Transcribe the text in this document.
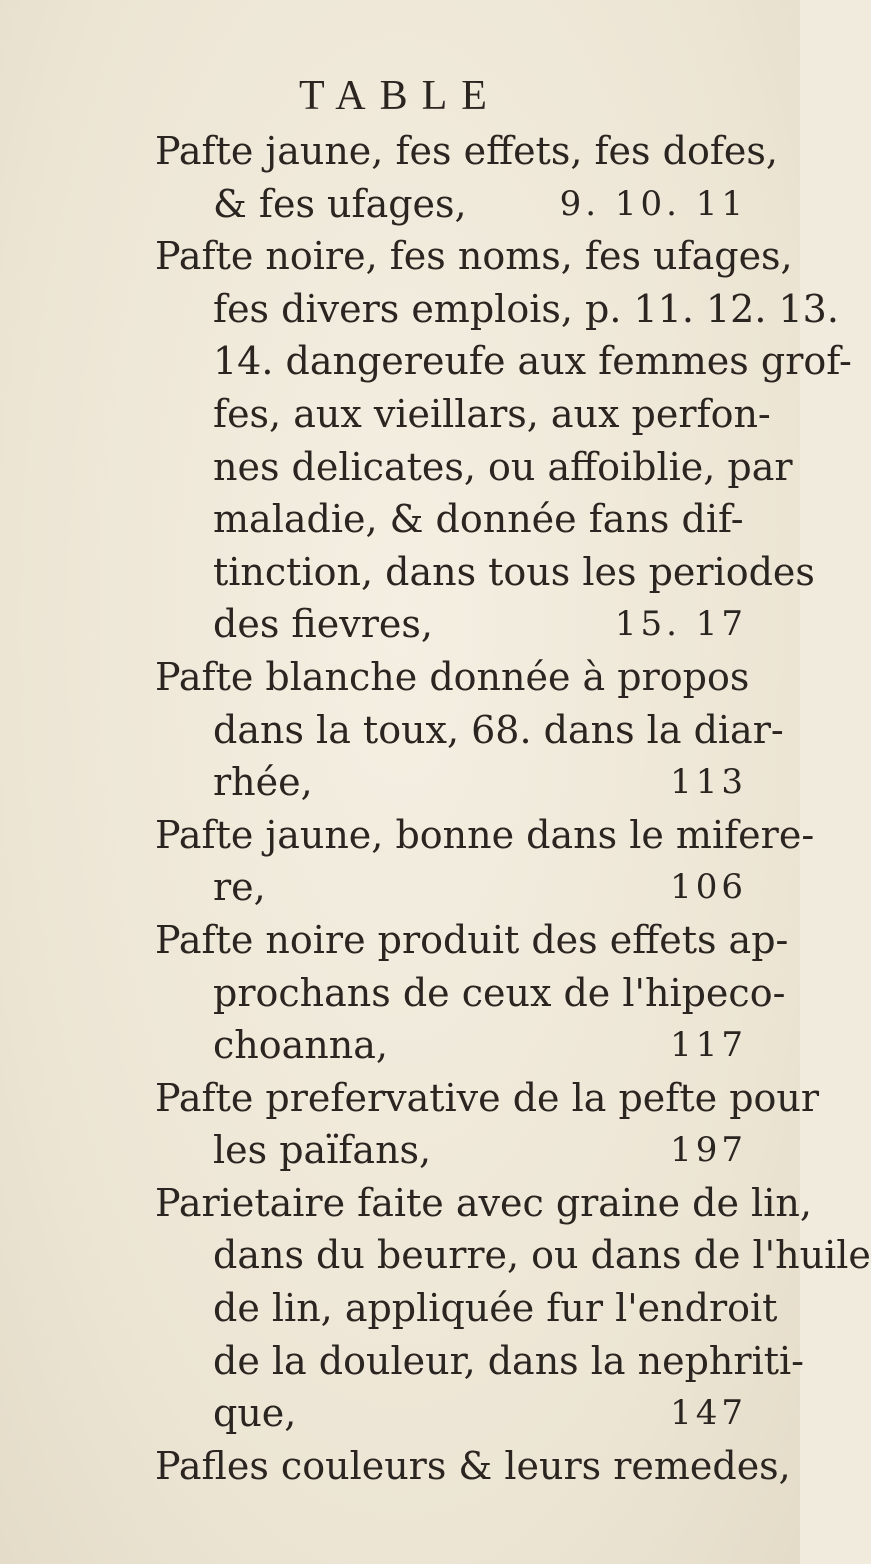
TABLE
Pafte jaune, fes effets, fes dofes,
& fes ufages,	9. 10. 11
Pafte noire, fes noms, fes ufages,
fes divers emplois, p. 11. 12. 13.
14. dangereufe aux femmes grof-
fes, aux vieillars, aux perfon-
nes delicates, ou affoiblie, par
maladie, & donnée fans dif-
tinction, dans tous les periodes
des fievres,	15. 17
Pafte blanche donnée à propos
dans la toux, 68. dans la diar-
rhée,	113
Pafte jaune, bonne dans le mifere-
re,	106
Pafte noire produit des effets ap-
prochans de ceux de l'hipeco-
choanna,	117
Pafte prefervative de la pefte pour
les païfans,	197
Parietaire faite avec graine de lin,
dans du beurre, ou dans de l'huile
de lin, appliquée fur l'endroit
de la douleur, dans la nephriti-
que,	147
Pafles couleurs & leurs remedes,
